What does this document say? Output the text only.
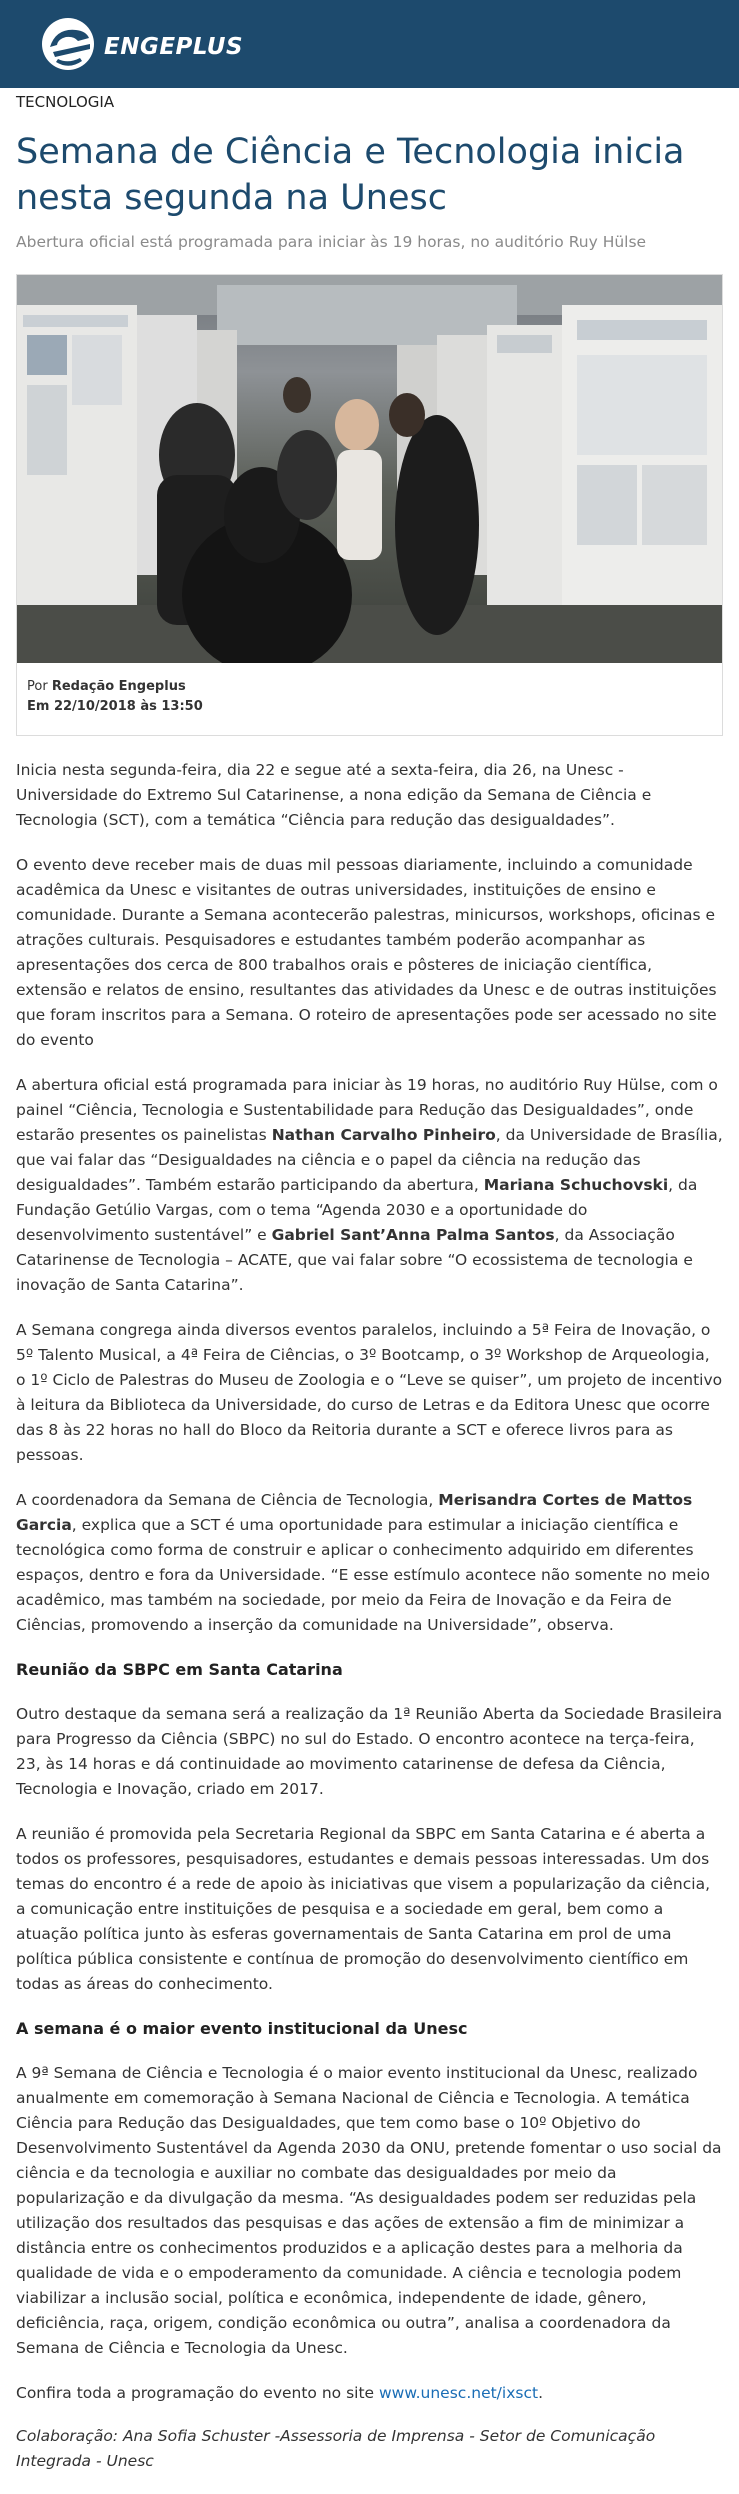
ENGEPLUS
TECNOLOGIA
Semana de Ciência e Tecnologia inicia nesta segunda na Unesc
Abertura oficial está programada para iniciar às 19 horas, no auditório Ruy Hülse
Por Redação Engeplus
Em 22/10/2018 às 13:50

Inicia nesta segunda-feira, dia 22 e segue até a sexta-feira, dia 26, na Unesc - Universidade do Extremo Sul Catarinense, a nona edição da Semana de Ciência e Tecnologia (SCT), com a temática “Ciência para redução das desigualdades”.

O evento deve receber mais de duas mil pessoas diariamente, incluindo a comunidade acadêmica da Unesc e visitantes de outras universidades, instituições de ensino e comunidade. Durante a Semana acontecerão palestras, minicursos, workshops, oficinas e atrações culturais. Pesquisadores e estudantes também poderão acompanhar as apresentações dos cerca de 800 trabalhos orais e pôsteres de iniciação científica, extensão e relatos de ensino, resultantes das atividades da Unesc e de outras instituições que foram inscritos para a Semana. O roteiro de apresentações pode ser acessado no site do evento

A abertura oficial está programada para iniciar às 19 horas, no auditório Ruy Hülse, com o painel “Ciência, Tecnologia e Sustentabilidade para Redução das Desigualdades”, onde estarão presentes os painelistas Nathan Carvalho Pinheiro, da Universidade de Brasília, que vai falar das “Desigualdades na ciência e o papel da ciência na redução das desigualdades”. Também estarão participando da abertura, Mariana Schuchovski, da Fundação Getúlio Vargas, com o tema “Agenda 2030 e a oportunidade do desenvolvimento sustentável” e Gabriel Sant’Anna Palma Santos, da Associação Catarinense de Tecnologia – ACATE, que vai falar sobre “O ecossistema de tecnologia e inovação de Santa Catarina”.

A Semana congrega ainda diversos eventos paralelos, incluindo a 5ª Feira de Inovação, o 5º Talento Musical, a 4ª Feira de Ciências, o 3º Bootcamp, o 3º Workshop de Arqueologia, o 1º Ciclo de Palestras do Museu de Zoologia e o “Leve se quiser”, um projeto de incentivo à leitura da Biblioteca da Universidade, do curso de Letras e da Editora Unesc que ocorre das 8 às 22 horas no hall do Bloco da Reitoria durante a SCT e oferece livros para as pessoas.

A coordenadora da Semana de Ciência de Tecnologia, Merisandra Cortes de Mattos Garcia, explica que a SCT é uma oportunidade para estimular a iniciação científica e tecnológica como forma de construir e aplicar o conhecimento adquirido em diferentes espaços, dentro e fora da Universidade. “E esse estímulo acontece não somente no meio acadêmico, mas também na sociedade, por meio da Feira de Inovação e da Feira de Ciências, promovendo a inserção da comunidade na Universidade”, observa.

Reunião da SBPC em Santa Catarina

Outro destaque da semana será a realização da 1ª Reunião Aberta da Sociedade Brasileira para Progresso da Ciência (SBPC) no sul do Estado. O encontro acontece na terça-feira, 23, às 14 horas e dá continuidade ao movimento catarinense de defesa da Ciência, Tecnologia e Inovação, criado em 2017.

A reunião é promovida pela Secretaria Regional da SBPC em Santa Catarina e é aberta a todos os professores, pesquisadores, estudantes e demais pessoas interessadas. Um dos temas do encontro é a rede de apoio às iniciativas que visem a popularização da ciência, a comunicação entre instituições de pesquisa e a sociedade em geral, bem como a atuação política junto às esferas governamentais de Santa Catarina em prol de uma política pública consistente e contínua de promoção do desenvolvimento científico em todas as áreas do conhecimento.

A semana é o maior evento institucional da Unesc

A 9ª Semana de Ciência e Tecnologia é o maior evento institucional da Unesc, realizado anualmente em comemoração à Semana Nacional de Ciência e Tecnologia. A temática Ciência para Redução das Desigualdades, que tem como base o 10º Objetivo do Desenvolvimento Sustentável da Agenda 2030 da ONU, pretende fomentar o uso social da ciência e da tecnologia e auxiliar no combate das desigualdades por meio da popularização e da divulgação da mesma. “As desigualdades podem ser reduzidas pela utilização dos resultados das pesquisas e das ações de extensão a fim de minimizar a distância entre os conhecimentos produzidos e a aplicação destes para a melhoria da qualidade de vida e o empoderamento da comunidade. A ciência e tecnologia podem viabilizar a inclusão social, política e econômica, independente de idade, gênero, deficiência, raça, origem, condição econômica ou outra”, analisa a coordenadora da Semana de Ciência e Tecnologia da Unesc.

Confira toda a programação do evento no site www.unesc.net/ixsct.

Colaboração: Ana Sofia Schuster -Assessoria de Imprensa - Setor de Comunicação Integrada - Unesc
